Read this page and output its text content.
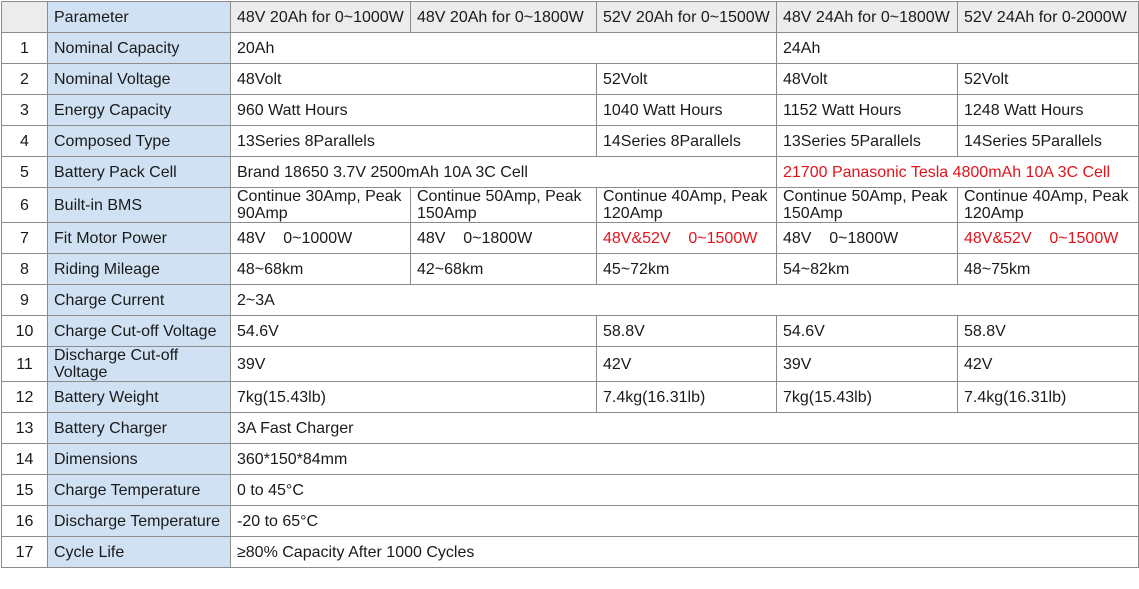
	Parameter	48V 20Ah for 0~1000W	48V 20Ah for 0~1800W	52V 20Ah for 0~1500W	48V 24Ah for 0~1800W	52V 24Ah for 0-2000W
1	Nominal Capacity	20Ah			24Ah	
2	Nominal Voltage	48Volt		52Volt	48Volt	52Volt
3	Energy Capacity	960 Watt Hours		1040 Watt Hours	1152 Watt Hours	1248 Watt Hours
4	Composed Type	13Series 8Parallels		14Series 8Parallels	13Series 5Parallels	14Series 5Parallels
5	Battery Pack Cell	Brand 18650 3.7V 2500mAh 10A 3C Cell			21700 Panasonic Tesla 4800mAh 10A 3C Cell	
6	Built-in BMS	Continue 30Amp, Peak 90Amp	Continue 50Amp, Peak 150Amp	Continue 40Amp, Peak 120Amp	Continue 50Amp, Peak 150Amp	Continue 40Amp, Peak 120Amp
7	Fit Motor Power	48V    0~1000W	48V    0~1800W	48V&52V    0~1500W	48V    0~1800W	48V&52V    0~1500W
8	Riding Mileage	48~68km	42~68km	45~72km	54~82km	48~75km
9	Charge Current	2~3A				
10	Charge Cut-off Voltage	54.6V		58.8V	54.6V	58.8V
11	Discharge Cut-off Voltage	39V		42V	39V	42V
12	Battery Weight	7kg(15.43lb)		7.4kg(16.31lb)	7kg(15.43lb)	7.4kg(16.31lb)
13	Battery Charger	3A Fast Charger				
14	Dimensions	360*150*84mm				
15	Charge Temperature	0 to 45°C				
16	Discharge Temperature	-20 to 65°C				
17	Cycle Life	≥80% Capacity After 1000 Cycles				
